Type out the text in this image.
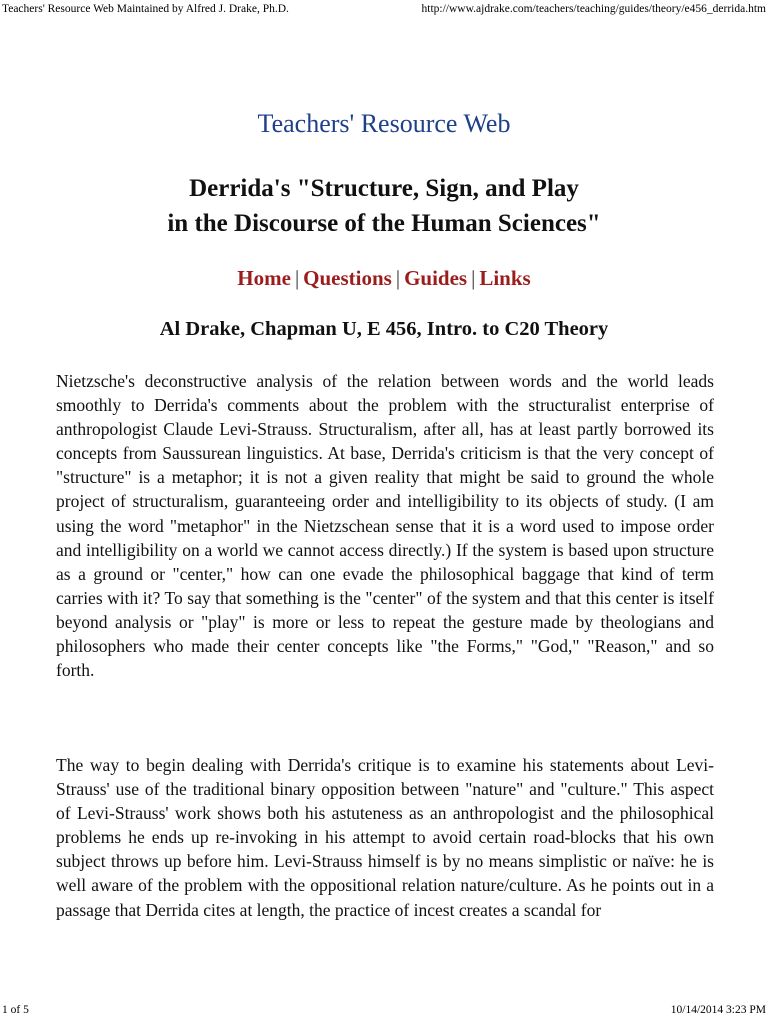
Teachers' Resource Web Maintained by Alfred J. Drake, Ph.D.	http://www.ajdrake.com/teachers/teaching/guides/theory/e456_derrida.htm
Teachers' Resource Web
Derrida's "Structure, Sign, and Play
in the Discourse of the Human Sciences"
Home | Questions | Guides | Links
Al Drake, Chapman U, E 456, Intro. to C20 Theory

Nietzsche's deconstructive analysis of the relation between words and the world leads smoothly to Derrida's comments about the problem with the structuralist enterprise of anthropologist Claude Levi-Strauss. Structuralism, after all, has at least partly borrowed its concepts from Saussurean linguistics. At base, Derrida's criticism is that the very concept of "structure" is a metaphor; it is not a given reality that might be said to ground the whole project of structuralism, guaranteeing order and intelligibility to its objects of study. (I am using the word "metaphor" in the Nietzschean sense that it is a word used to impose order and intelligibility on a world we cannot access directly.) If the system is based upon structure as a ground or "center," how can one evade the philosophical baggage that kind of term carries with it? To say that something is the "center" of the system and that this center is itself beyond analysis or "play" is more or less to repeat the gesture made by theologians and philosophers who made their center concepts like "the Forms," "God," "Reason," and so forth.

The way to begin dealing with Derrida's critique is to examine his statements about Levi-Strauss' use of the traditional binary opposition between "nature" and "culture." This aspect of Levi-Strauss' work shows both his astuteness as an anthropologist and the philosophical problems he ends up re-invoking in his attempt to avoid certain road-blocks that his own subject throws up before him. Levi-Strauss himself is by no means simplistic or naïve: he is well aware of the problem with the oppositional relation nature/culture. As he points out in a passage that Derrida cites at length, the practice of incest creates a scandal for

1 of 5	10/14/2014 3:23 PM
